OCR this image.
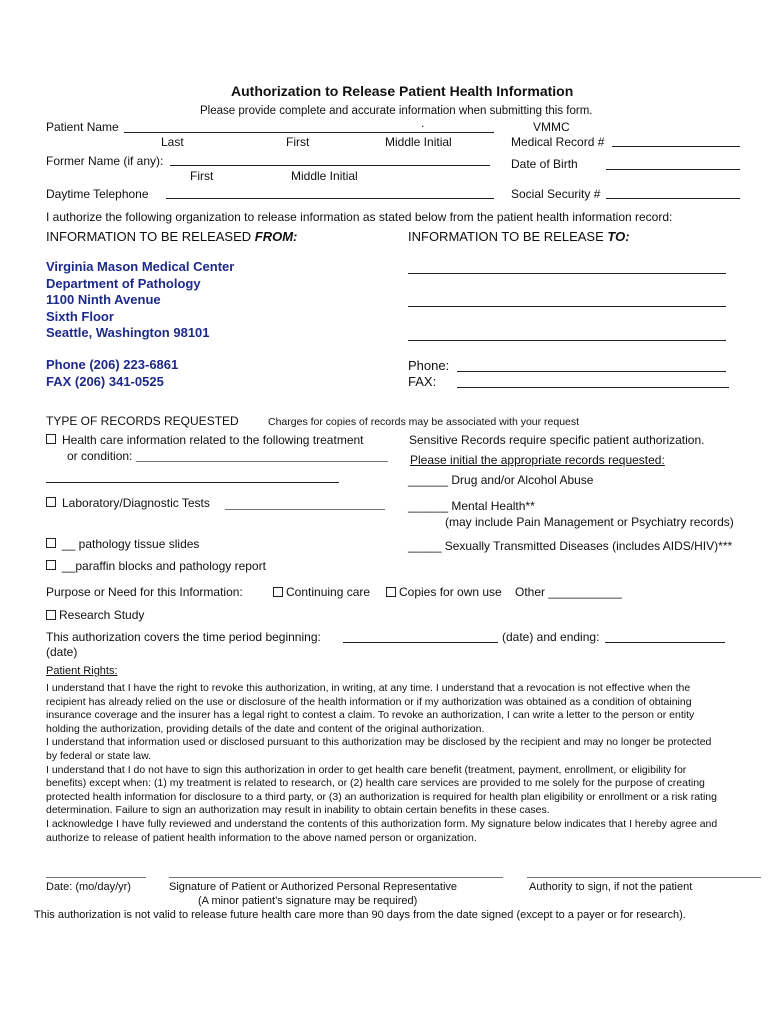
Authorization to Release Patient Health Information
Please provide complete and accurate information when submitting this form.
Patient Name	.
Last	First	Middle Initial
VMMC
Medical Record #
Former Name (if any):
First	Middle Initial
Date of Birth
Daytime Telephone	Social Security #
I authorize the following organization to release information as stated below from the patient health information record:
INFORMATION TO BE RELEASED FROM:	INFORMATION TO BE RELEASE TO:
Virginia Mason Medical Center
Department of Pathology
1100 Ninth Avenue
Sixth Floor
Seattle, Washington 98101
Phone (206) 223-6861
FAX (206) 341-0525
Phone:
FAX:
TYPE OF RECORDS REQUESTED	Charges for copies of records may be associated with your request
Health care information related to the following treatment
or condition:
Laboratory/Diagnostic Tests
__ pathology tissue slides
__paraffin blocks and pathology report
Sensitive Records require specific patient authorization.
Please initial the appropriate records requested:
______ Drug and/or Alcohol Abuse
______ Mental Health**
(may include Pain Management or Psychiatry records)
_____ Sexually Transmitted Diseases (includes AIDS/HIV)***
Purpose or Need for this Information:	Continuing care	Copies for own use Other ___________
Research Study
This authorization covers the time period beginning:	(date) and ending:
(date)
Patient Rights:
I understand that I have the right to revoke this authorization, in writing, at any time. I understand that a revocation is not effective when the recipient has already relied on the use or disclosure of the health information or if my authorization was obtained as a condition of obtaining insurance coverage and the insurer has a legal right to contest a claim. To revoke an authorization, I can write a letter to the person or entity holding the authorization, providing details of the date and content of the original authorization.
I understand that information used or disclosed pursuant to this authorization may be disclosed by the recipient and may no longer be protected by federal or state law.
I understand that I do not have to sign this authorization in order to get health care benefit (treatment, payment, enrollment, or eligibility for benefits) except when: (1) my treatment is related to research, or (2) health care services are provided to me solely for the purpose of creating protected health information for disclosure to a third party, or (3) an authorization is required for health plan eligibility or enrollment or a risk rating determination. Failure to sign an authorization may result in inability to obtain certain benefits in these cases.
I acknowledge I have fully reviewed and understand the contents of this authorization form. My signature below indicates that I hereby agree and authorize to release of patient health information to the above named person or organization.
Date: (mo/day/yr)	Signature of Patient or Authorized Personal Representative
(A minor patient’s signature may be required)
Authority to sign, if not the patient
This authorization is not valid to release future health care more than 90 days from the date signed (except to a payer or for research).
